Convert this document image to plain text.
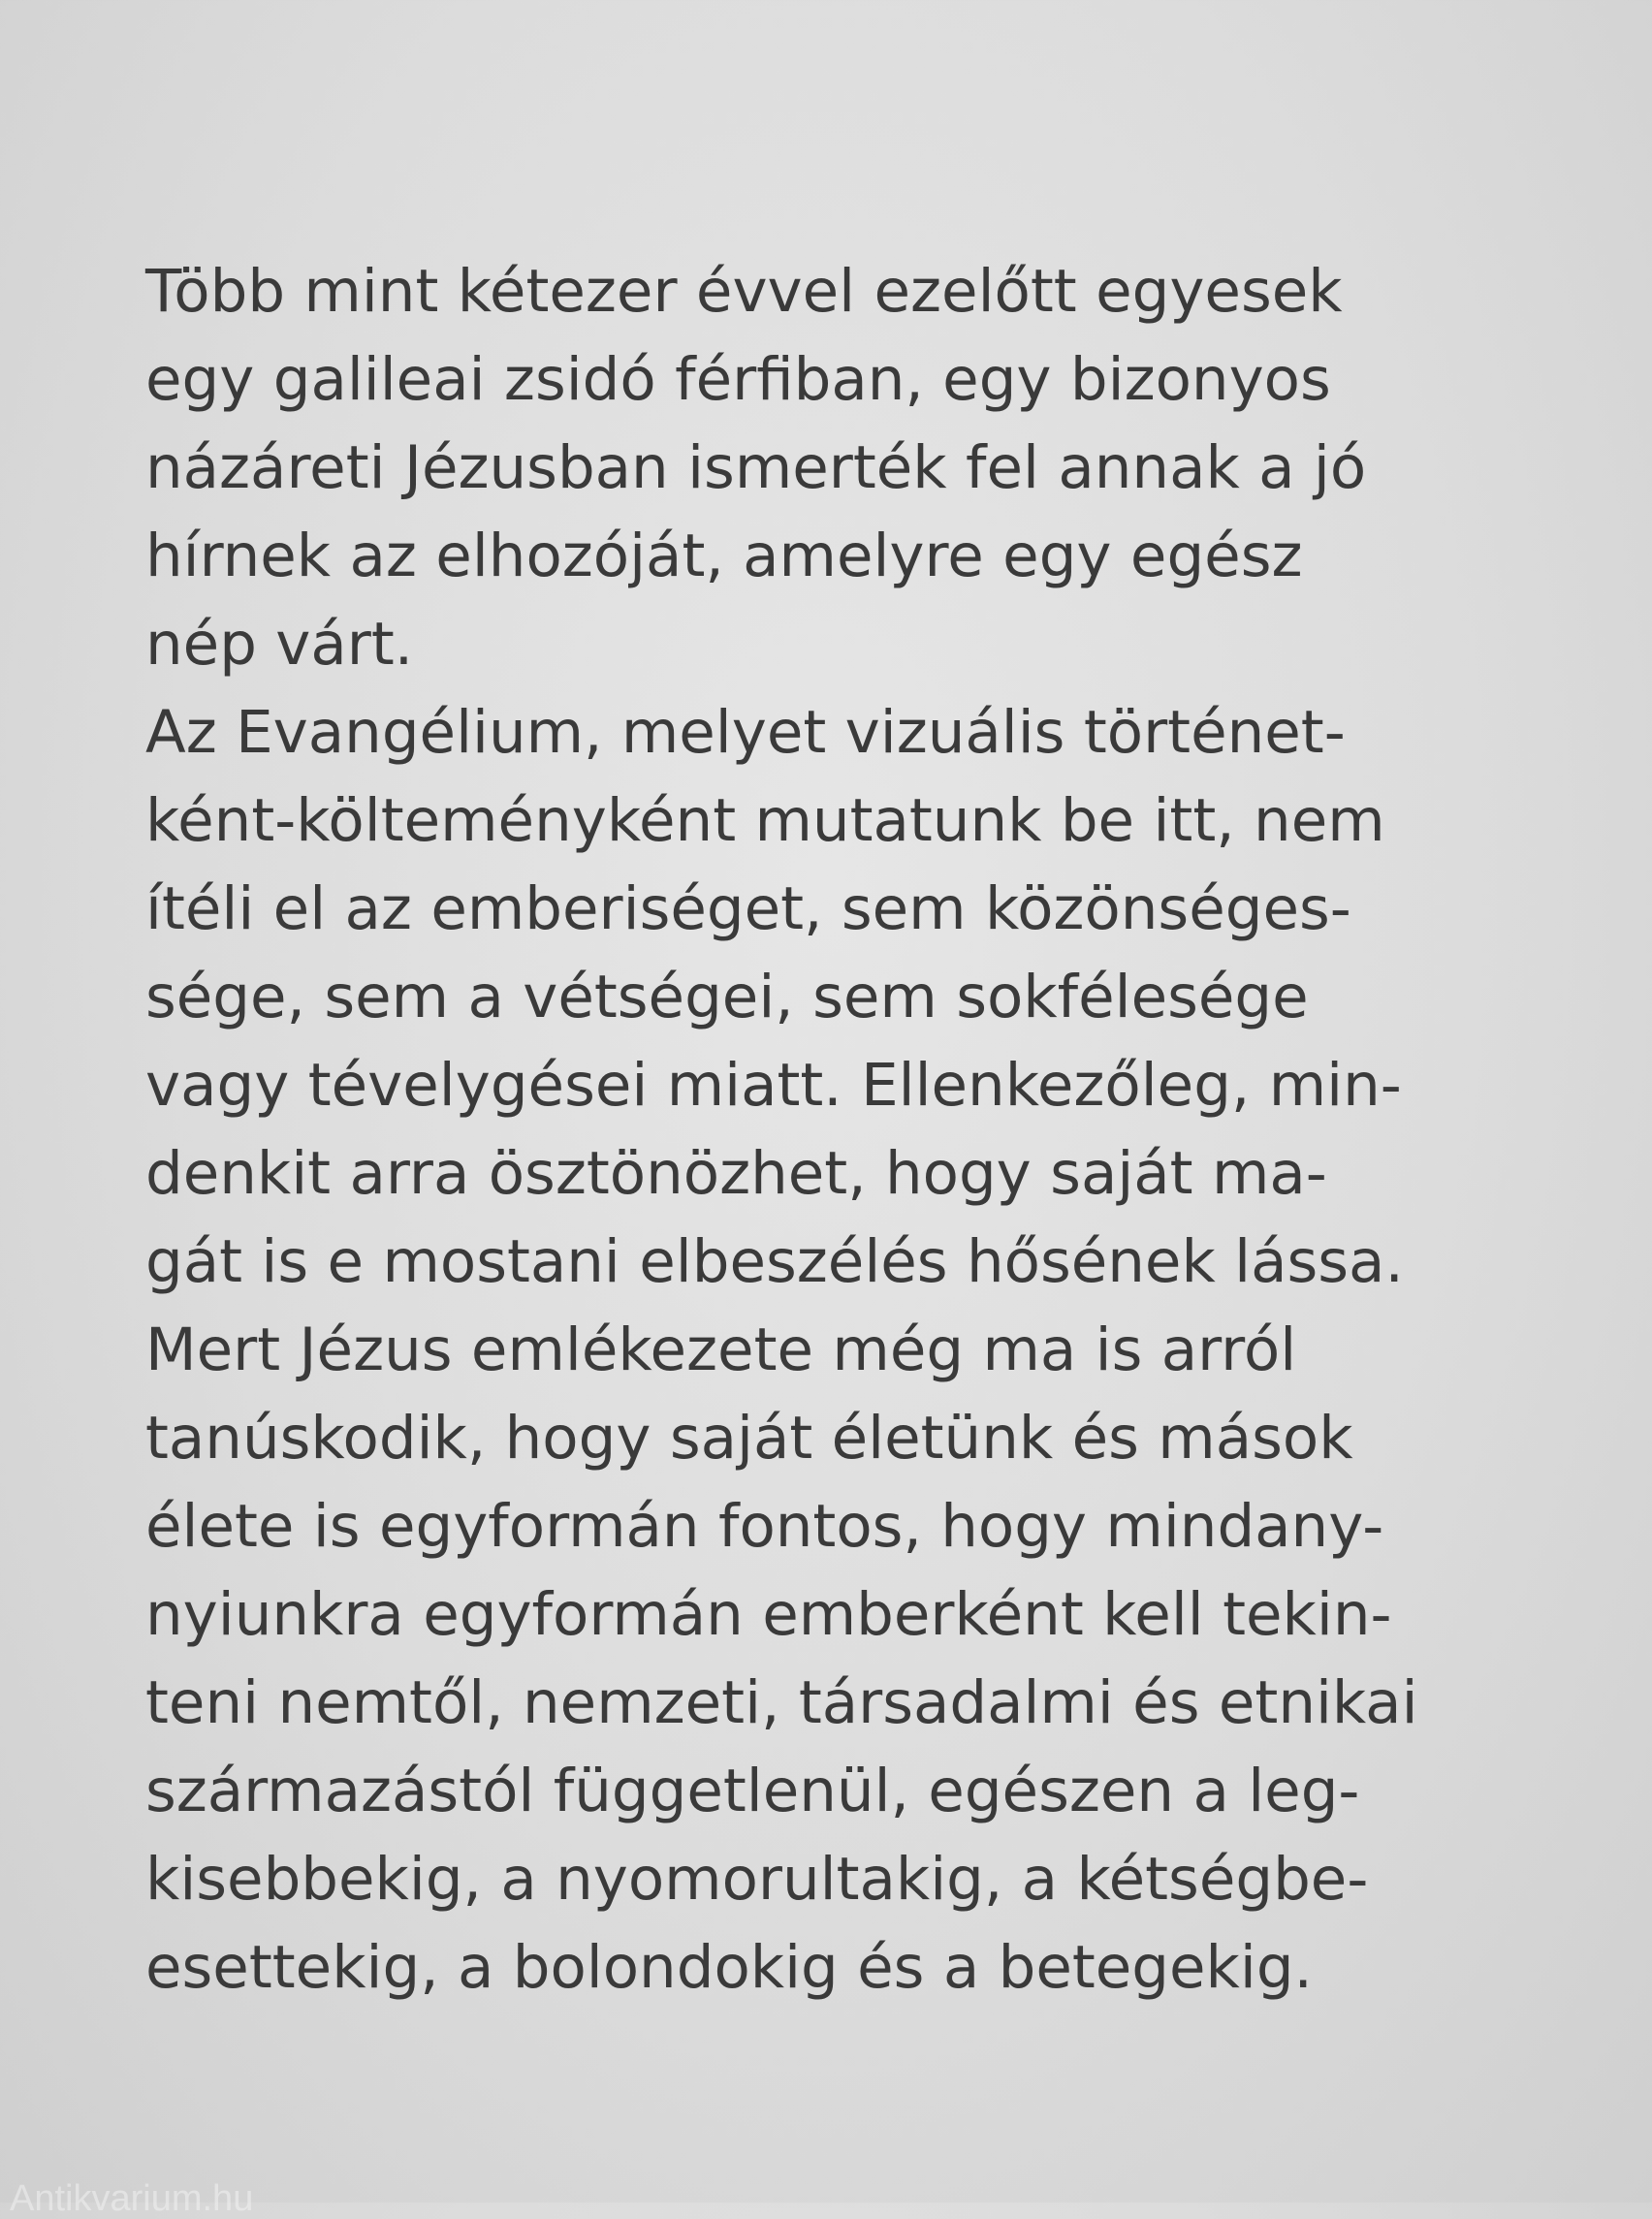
Több mint kétezer évvel ezelőtt egyesek
egy galileai zsidó férfiban, egy bizonyos
názáreti Jézusban ismerték fel annak a jó
hírnek az elhozóját, amelyre egy egész
nép várt.
Az Evangélium, melyet vizuális történet-
ként-költeményként mutatunk be itt, nem
ítéli el az emberiséget, sem közönséges-
sége, sem a vétségei, sem sokfélesége
vagy tévelygései miatt. Ellenkezőleg, min-
denkit arra ösztönözhet, hogy saját ma-
gát is e mostani elbeszélés hősének lássa.
Mert Jézus emlékezete még ma is arról
tanúskodik, hogy saját életünk és mások
élete is egyformán fontos, hogy mindany-
nyiunkra egyformán emberként kell tekin-
teni nemtől, nemzeti, társadalmi és etnikai
származástól függetlenül, egészen a leg-
kisebbekig, a nyomorultakig, a kétségbe-
esettekig, a bolondokig és a betegekig.
Antikvarium.hu
